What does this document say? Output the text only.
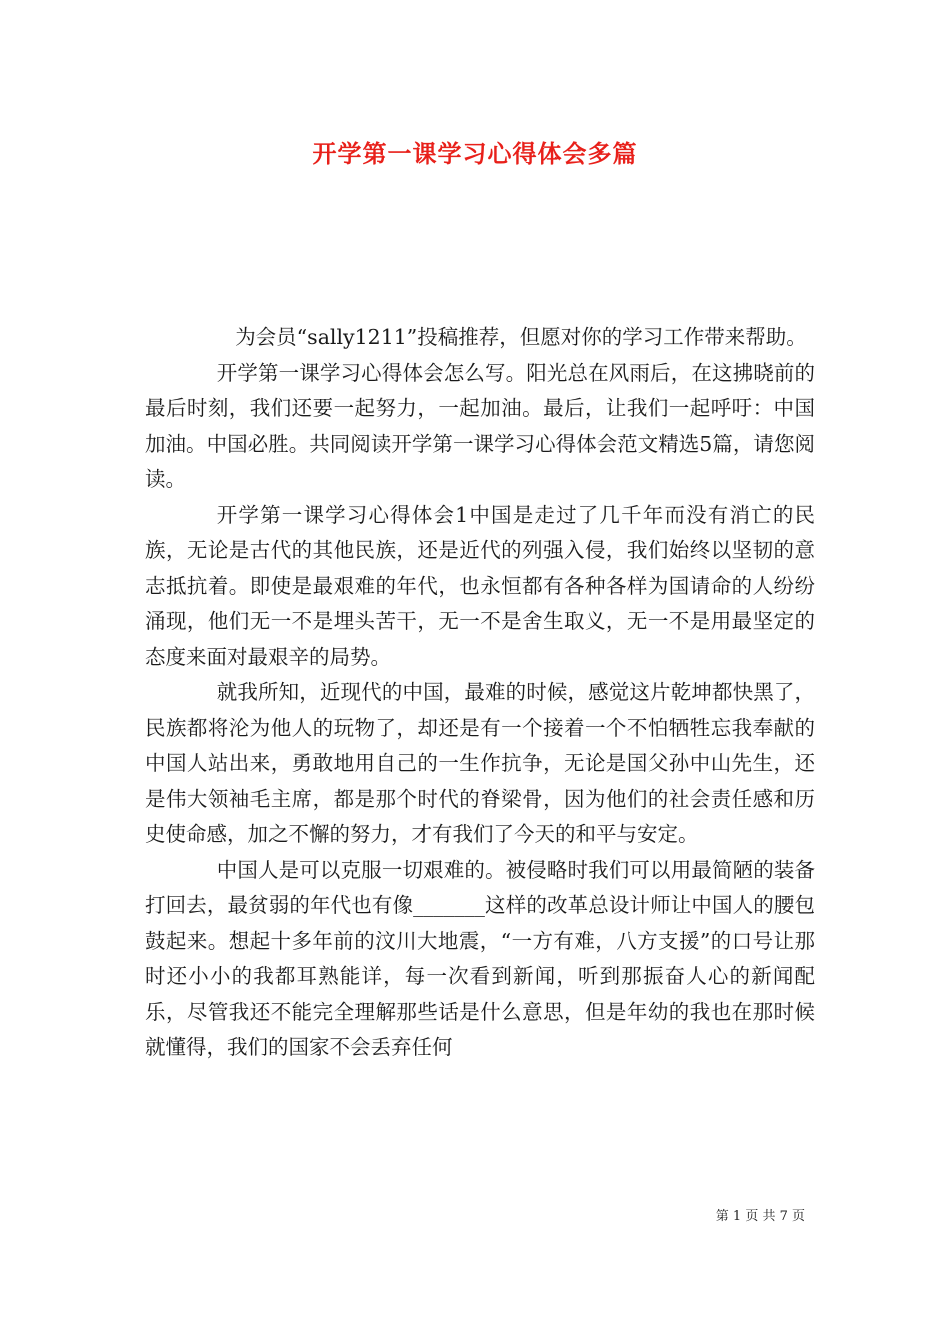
开学第一课学习心得体会多篇

为会员“sally1211”投稿推荐，但愿对你的学习工作带来帮助。

开学第一课学习心得体会怎么写。阳光总在风雨后，在这拂晓前的最后时刻，我们还要一起努力，一起加油。最后，让我们一起呼吁：中国加油。中国必胜。共同阅读开学第一课学习心得体会范文精选5篇，请您阅读。

开学第一课学习心得体会1中国是走过了几千年而没有消亡的民族，无论是古代的其他民族，还是近代的列强入侵，我们始终以坚韧的意志抵抗着。即使是最艰难的年代，也永恒都有各种各样为国请命的人纷纷涌现，他们无一不是埋头苦干，无一不是舍生取义，无一不是用最坚定的态度来面对最艰辛的局势。

就我所知，近现代的中国，最难的时候，感觉这片乾坤都快黑了，民族都将沦为他人的玩物了，却还是有一个接着一个不怕牺牲忘我奉献的中国人站出来，勇敢地用自己的一生作抗争，无论是国父孙中山先生，还是伟大领袖毛主席，都是那个时代的脊梁骨，因为他们的社会责任感和历史使命感，加之不懈的努力，才有我们了今天的和平与安定。

中国人是可以克服一切艰难的。被侵略时我们可以用最简陋的装备打回去，最贫弱的年代也有像_______这样的改革总设计师让中国人的腰包鼓起来。想起十多年前的汶川大地震，“一方有难，八方支援”的口号让那时还小小的我都耳熟能详，每一次看到新闻，听到那振奋人心的新闻配乐，尽管我还不能完全理解那些话是什么意思，但是年幼的我也在那时候就懂得，我们的国家不会丢弃任何

第 1 页 共 7 页
